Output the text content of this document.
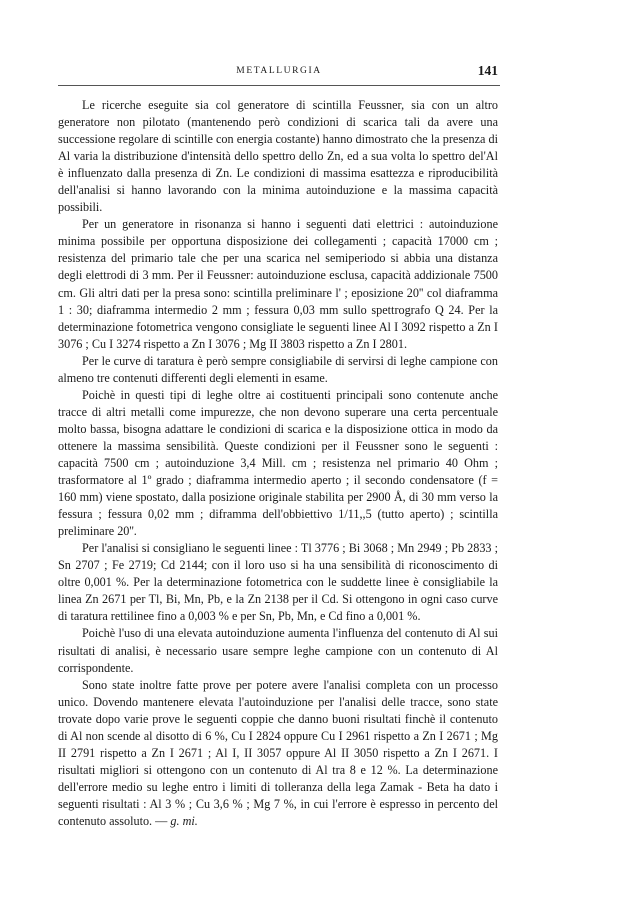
METALLURGIA	141

Le ricerche eseguite sia col generatore di scintilla Feussner, sia con un altro generatore non pilotato (mantenendo però condizioni di scarica tali da avere una successione regolare di scintille con energia costante) hanno dimostrato che la presenza di Al varia la distribuzione d'intensità dello spettro dello Zn, ed a sua volta lo spettro del'Al è influenzato dalla presenza di Zn. Le condizioni di massima esattezza e riproducibilità dell'analisi si hanno lavorando con la minima autoinduzione e la massima capacità possibili.

Per un generatore in risonanza si hanno i seguenti dati elettrici : autoinduzione minima possibile per opportuna disposizione dei collegamenti ; capacità 17000 cm ; resistenza del primario tale che per una scarica nel semiperiodo si abbia una distanza degli elettrodi di 3 mm. Per il Feussner: autoinduzione esclusa, capacità addizionale 7500 cm. Gli altri dati per la presa sono: scintilla preliminare l' ; eposizione 20'' col diaframma 1 : 30; diaframma intermedio 2 mm ; fessura 0,03 mm sullo spettrografo Q 24. Per la determinazione fotometrica vengono consigliate le seguenti linee Al I 3092 rispetto a Zn I 3076 ; Cu I 3274 rispetto a Zn I 3076 ; Mg II 3803 rispetto a Zn I 2801.

Per le curve di taratura è però sempre consigliabile di servirsi di leghe campione con almeno tre contenuti differenti degli elementi in esame.

Poichè in questi tipi di leghe oltre ai costituenti principali sono contenute anche tracce di altri metalli come impurezze, che non devono superare una certa percentuale molto bassa, bisogna adattare le condizioni di scarica e la disposizione ottica in modo da ottenere la massima sensibilità. Queste condizioni per il Feussner sono le seguenti : capacità 7500 cm ; autoinduzione 3,4 Mill. cm ; resistenza nel primario 40 Ohm ; trasformatore al 1º grado ; diaframma intermedio aperto ; il secondo condensatore (f = 160 mm) viene spostato, dalla posizione originale stabilita per 2900 Å, di 30 mm verso la fessura ; fessura 0,02 mm ; diframma dell'obbiettivo 1/11,,5 (tutto aperto) ; scintilla preliminare 20''.

Per l'analisi si consigliano le seguenti linee : Tl 3776 ; Bi 3068 ; Mn 2949 ; Pb 2833 ; Sn 2707 ; Fe 2719; Cd 2144; con il loro uso si ha una sensibilità di riconoscimento di oltre 0,001 %. Per la determinazione fotometrica con le suddette linee è consigliabile la linea Zn 2671 per Tl, Bi, Mn, Pb, e la Zn 2138 per il Cd. Si ottengono in ogni caso curve di taratura rettilinee fino a 0,003 % e per Sn, Pb, Mn, e Cd fino a 0,001 %.

Poichè l'uso di una elevata autoinduzione aumenta l'influenza del contenuto di Al sui risultati di analisi, è necessario usare sempre leghe campione con un contenuto di Al corrispondente.

Sono state inoltre fatte prove per potere avere l'analisi completa con un processo unico. Dovendo mantenere elevata l'autoinduzione per l'analisi delle tracce, sono state trovate dopo varie prove le seguenti coppie che danno buoni risultati finchè il contenuto di Al non scende al disotto di 6 %, Cu I 2824 oppure Cu I 2961 rispetto a Zn I 2671 ; Mg II 2791 rispetto a Zn I 2671 ; Al I, II 3057 oppure Al II 3050 rispetto a Zn I 2671. I risultati migliori si ottengono con un contenuto di Al tra 8 e 12 %. La determinazione dell'errore medio su leghe entro i limiti di tolleranza della lega Zamak - Beta ha dato i seguenti risultati : Al 3 % ; Cu 3,6 % ; Mg 7 %, in cui l'errore è espresso in percento del contenuto assoluto. — g. mi.
